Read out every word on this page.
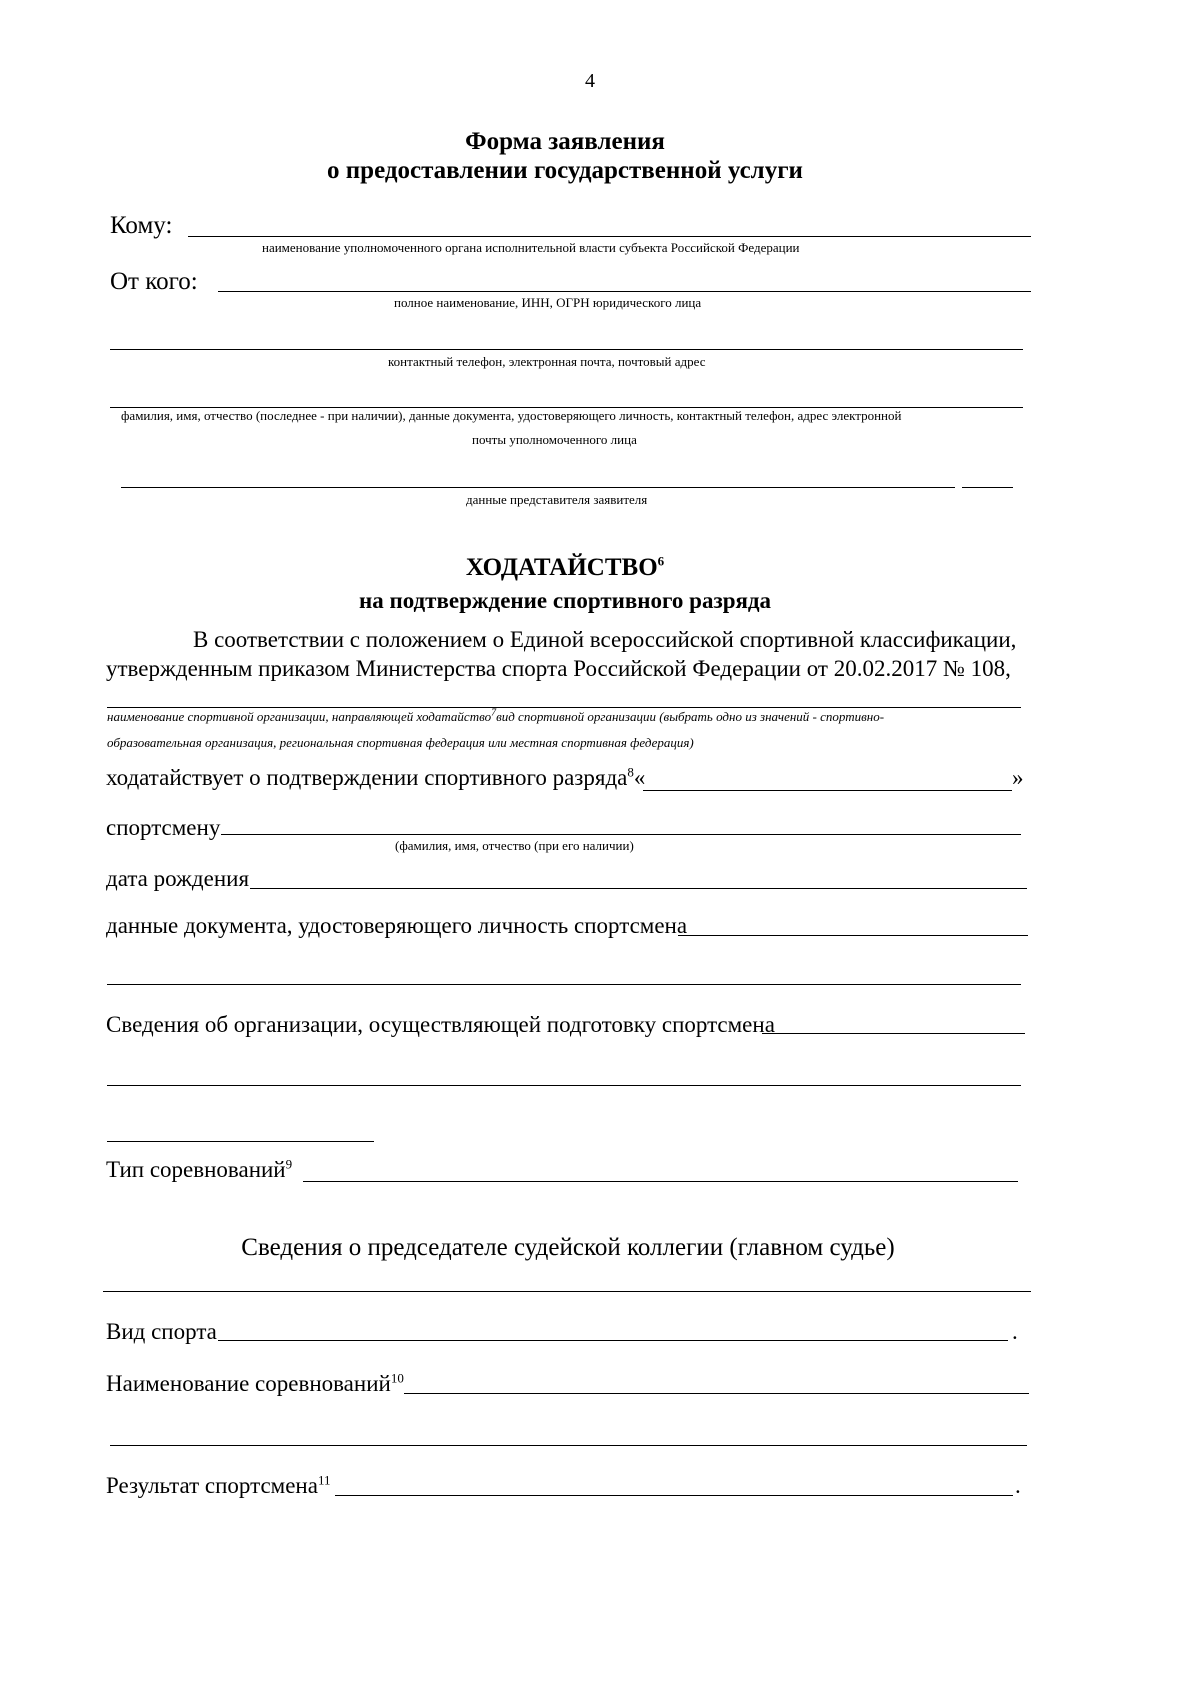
4
Форма заявления
о предоставлении государственной услуги
Кому:
наименование уполномоченного органа исполнительной власти субъекта Российской Федерации
От кого:
полное наименование, ИНН, ОГРН юридического лица
контактный телефон, электронная почта, почтовый адрес
фамилия, имя, отчество (последнее - при наличии), данные документа, удостоверяющего личность, контактный телефон, адрес электронной
почты уполномоченного лица
данные представителя заявителя
ХОДАТАЙСТВО$^6$
на подтверждение спортивного разряда
В соответствии с положением о Единой всероссийской спортивной классификации,
утвержденным приказом Министерства спорта Российской Федерации от 20.02.2017 № 108,
наименование спортивной организации, направляющей ходатайство$^7$вид спортивной организации (выбрать одно из значений - спортивно-
образовательная организация, региональная спортивная федерация или местная спортивная федерация)
ходатайствует о подтверждении спортивного разряда$^8$«	»
спортсмену
(фамилия, имя, отчество (при его наличии)
дата рождения
данные документа, удостоверяющего личность спортсмена
Сведения об организации, осуществляющей подготовку спортсмена
Тип соревнований$^9$
Сведения о председателе судейской коллегии (главном судье)
Вид спорта	.
Наименование соревнований$^{10}$
Результат спортсмена$^{11}$	.
